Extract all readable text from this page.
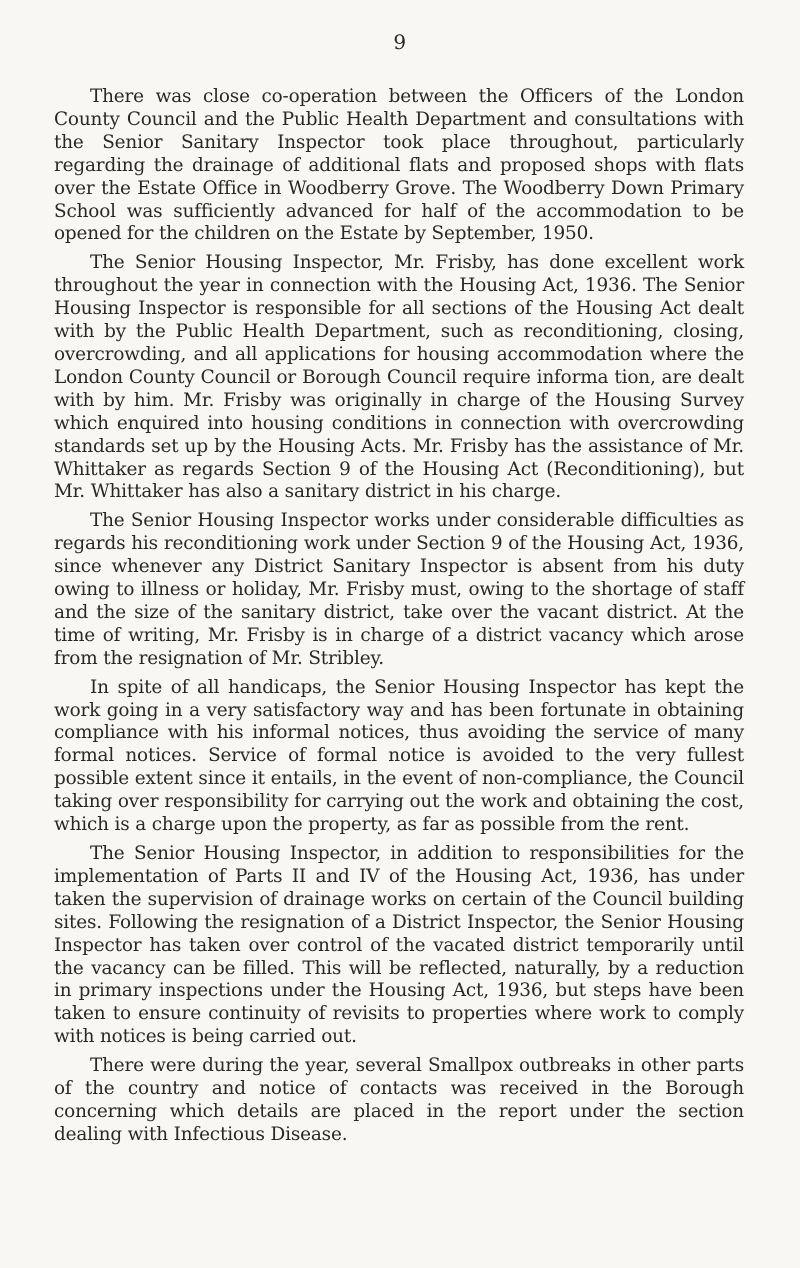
9

There was close co-operation between the Officers of the London County Council and the Public Health Department and consultations with the Senior Sanitary Inspector took place throughout, particularly regarding the drainage of additional flats and proposed shops with flats over the Estate Office in Woodberry Grove. The Woodberry Down Primary School was sufficiently advanced for half of the accommodation to be opened for the children on the Estate by September, 1950.

The Senior Housing Inspector, Mr. Frisby, has done excellent work throughout the year in connection with the Housing Act, 1936. The Senior Housing Inspector is responsible for all sections of the Housing Act dealt with by the Public Health Department, such as reconditioning, closing, overcrowding, and all applications for housing accommodation where the London County Council or Borough Council require informa tion, are dealt with by him. Mr. Frisby was originally in charge of the Housing Survey which enquired into housing conditions in connection with overcrowding standards set up by the Housing Acts. Mr. Frisby has the assistance of Mr. Whittaker as regards Section 9 of the Housing Act (Reconditioning), but Mr. Whittaker has also a sanitary district in his charge.

The Senior Housing Inspector works under considerable difficulties as regards his reconditioning work under Section 9 of the Housing Act, 1936, since whenever any District Sanitary Inspector is absent from his duty owing to illness or holiday, Mr. Frisby must, owing to the shortage of staff and the size of the sanitary district, take over the vacant district. At the time of writing, Mr. Frisby is in charge of a district vacancy which arose from the resignation of Mr. Stribley.

In spite of all handicaps, the Senior Housing Inspector has kept the work going in a very satisfactory way and has been fortunate in obtaining compliance with his informal notices, thus avoiding the service of many formal notices. Service of formal notice is avoided to the very fullest possible extent since it entails, in the event of non-compliance, the Council taking over responsibility for carrying out the work and obtaining the cost, which is a charge upon the property, as far as possible from the rent.

The Senior Housing Inspector, in addition to responsibilities for the implementation of Parts II and IV of the Housing Act, 1936, has under taken the supervision of drainage works on certain of the Council building sites. Following the resignation of a District Inspector, the Senior Housing Inspector has taken over control of the vacated district temporarily until the vacancy can be filled. This will be reflected, naturally, by a reduction in primary inspections under the Housing Act, 1936, but steps have been taken to ensure continuity of revisits to properties where work to comply with notices is being carried out.

There were during the year, several Smallpox outbreaks in other parts of the country and notice of contacts was received in the Borough concerning which details are placed in the report under the section dealing with Infectious Disease.
